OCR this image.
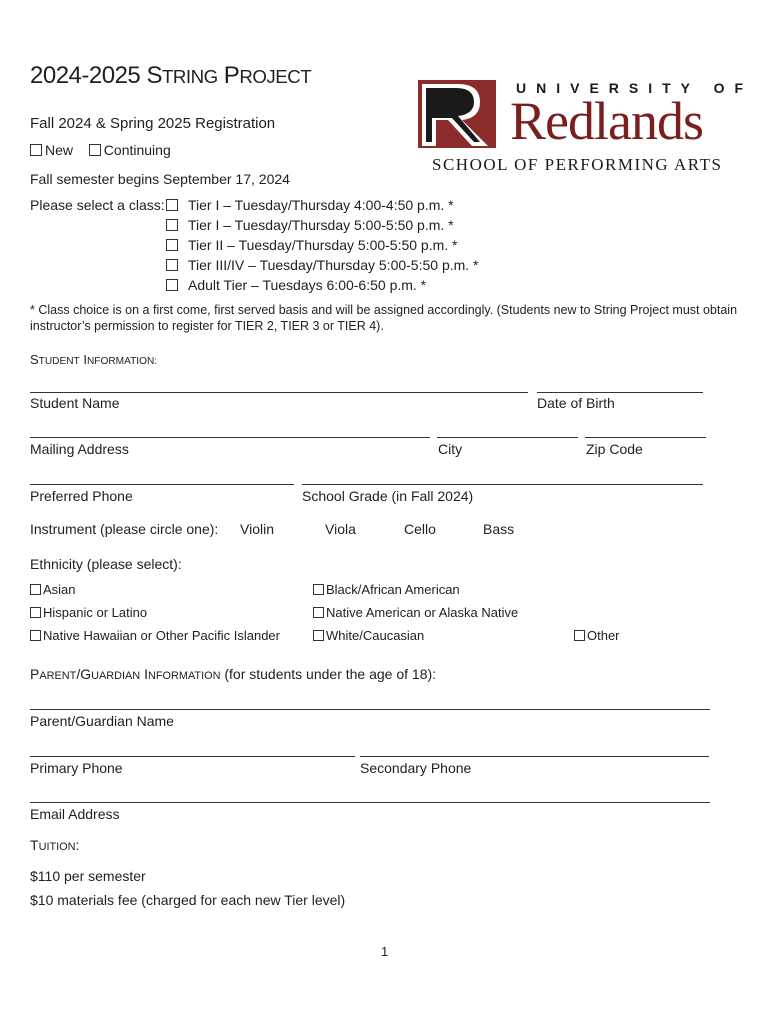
2024-2025 STRING PROJECT
Fall 2024 & Spring 2025 Registration
New Continuing
Fall semester begins September 17, 2024
Please select a class:
UNIVERSITY OF
Redlands
SCHOOL OF PERFORMING ARTS
Tier I – Tuesday/Thursday 4:00-4:50 p.m. *
Tier I – Tuesday/Thursday 5:00-5:50 p.m. *
Tier II – Tuesday/Thursday 5:00-5:50 p.m. *
Tier III/IV – Tuesday/Thursday 5:00-5:50 p.m. *
Adult Tier – Tuesdays 6:00-6:50 p.m. *
* Class choice is on a first come, first served basis and will be assigned accordingly. (Students new to String Project must obtain instructor’s permission to register for TIER 2, TIER 3 or TIER 4).
STUDENT INFORMATION:
Student Name	Date of Birth
Mailing Address	City	Zip Code
Preferred Phone	School Grade (in Fall 2024)
Instrument (please circle one): Violin	Viola	Cello	Bass
Ethnicity (please select):
Asian	Black/African American
Hispanic or Latino	Native American or Alaska Native
Native Hawaiian or Other Pacific Islander	White/Caucasian	Other
PARENT/GUARDIAN INFORMATION (for students under the age of 18):
Parent/Guardian Name
Primary Phone	Secondary Phone
Email Address
TUITION:
$110 per semester
$10 materials fee (charged for each new Tier level)
1
